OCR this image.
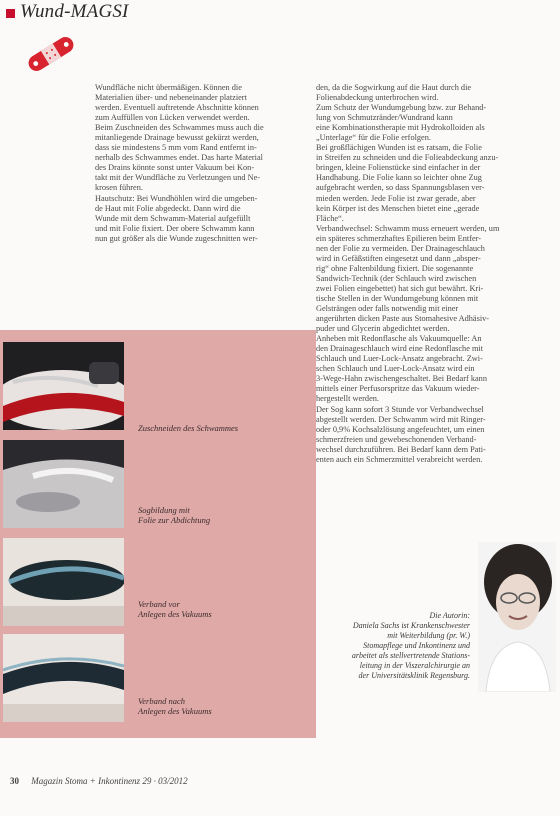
Wund-MAGSI

Wundfläche nicht übermäßigen. Können die

Materialien über- und nebeneinander platziert

werden. Eventuell auftretende Abschnitte können

zum Auffüllen von Lücken verwendet werden.

Beim Zuschneiden des Schwammes muss auch die

mitanliegende Drainage bewusst gekürzt werden,

dass sie mindestens 5 mm vom Rand entfernt in-

nerhalb des Schwammes endet. Das harte Material

des Drains könnte sonst unter Vakuum bei Kon-

takt mit der Wundfläche zu Verletzungen und Ne-

krosen führen.

Hautschutz: Bei Wundhöhlen wird die umgeben-

de Haut mit Folie abgedeckt. Dann wird die

Wunde mit dem Schwamm-Material aufgefüllt

und mit Folie fixiert. Der obere Schwamm kann

nun gut größer als die Wunde zugeschnitten wer-

den, da die Sogwirkung auf die Haut durch die

Folienabdeckung unterbrochen wird.

Zum Schutz der Wundumgebung bzw. zur Behand-

lung von Schmutzränder/Wundrand kann

eine Kombinationstherapie mit Hydrokolloiden als

„Unterlage“ für die Folie erfolgen.

Bei großflächigen Wunden ist es ratsam, die Folie

in Streifen zu schneiden und die Folieabdeckung anzu-

bringen, kleine Folienstücke sind einfacher in der

Handhabung. Die Folie kann so leichter ohne Zug

aufgebracht werden, so dass Spannungsblasen ver-

mieden werden. Jede Folie ist zwar gerade, aber

kein Körper ist des Menschen bietet eine „gerade

Fläche“.

Verbandwechsel: Schwamm muss erneuert werden, um

ein späteres schmerzhaftes Epilieren beim Entfer-

nen der Folie zu vermeiden. Der Drainageschlauch

wird in Gefäßstiften eingesetzt und dann „absper-

rig“ ohne Faltenbildung fixiert. Die sogenannte

Sandwich-Technik (der Schlauch wird zwischen

zwei Folien eingebettet) hat sich gut bewährt. Kri-

tische Stellen in der Wundumgebung können mit

Gelsträngen oder falls notwendig mit einer

angerührten dicken Paste aus Stomahesive Adhäsiv-

puder und Glycerin abgedichtet werden.

Anheben mit Redonflasche als Vakuumquelle: An

den Drainageschlauch wird eine Redonflasche mit

Schlauch und Luer-Lock-Ansatz angebracht. Zwi-

schen Schlauch und Luer-Lock-Ansatz wird ein

3-Wege-Hahn zwischengeschaltet. Bei Bedarf kann

mittels einer Perfusorspritze das Vakuum wieder-

hergestellt werden.

Der Sog kann sofort 3 Stunde vor Verbandwechsel

abgestellt werden. Der Schwamm wird mit Ringer-

oder 0,9% Kochsalzlösung angefeuchtet, um einen

schmerzfreien und gewebeschonenden Verband-

wechsel durchzuführen. Bei Bedarf kann dem Pati-

enten auch ein Schmerzmittel verabreicht werden.

Zuschneiden des Schwammes
Sogbildung mit
Folie zur Abdichtung
Verband vor
Anlegen des Vakuums
Verband nach
Anlegen des Vakuums
Die Autorin:
Daniela Sachs ist Krankenschwester
mit Weiterbildung (pr. W.)
Stomapflege und Inkontinenz und
arbeitet als stellvertretende Stations-
leitung in der Viszeralchirurgie an
der Universitätsklinik Regensburg.
30 Magazin Stoma + Inkontinenz 29 · 03/2012
